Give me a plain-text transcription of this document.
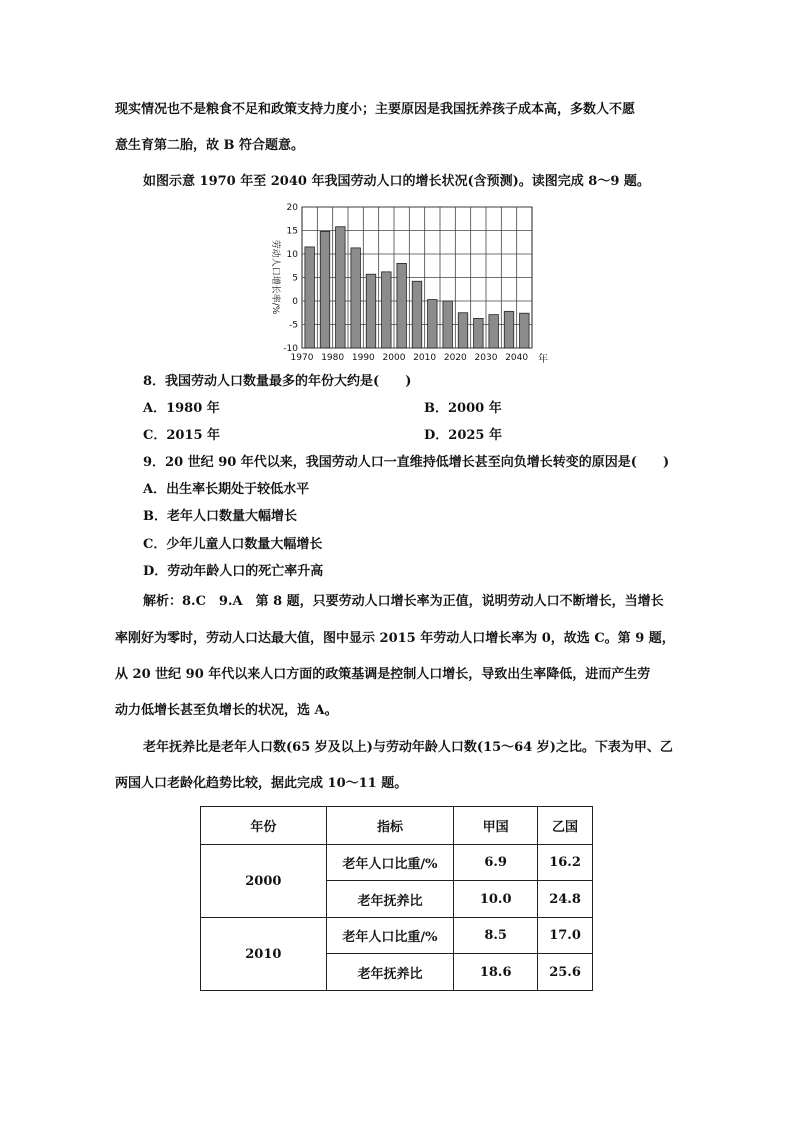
现实情况也不是粮食不足和政策支持力度小；主要原因是我国抚养孩子成本高，多数人不愿
意生育第二胎，故 B 符合题意。
如图示意 1970 年至 2040 年我国劳动人口的增长状况(含预测)。读图完成 8～9 题。
20
15
10
5
0
-5
-10
1970 1980 1990 2000 2010 2020 2030 2040
劳动人口增长率/%
年
8．我国劳动人口数量最多的年份大约是(　　)
A．1980 年	B．2000 年
C．2015 年	D．2025 年
9．20 世纪 90 年代以来，我国劳动人口一直维持低增长甚至向负增长转变的原因是(　　)
A．出生率长期处于较低水平
B．老年人口数量大幅增长
C．少年儿童人口数量大幅增长
D．劳动年龄人口的死亡率升高
解析：8.C　9.A　第 8 题，只要劳动人口增长率为正值，说明劳动人口不断增长，当增长
率刚好为零时，劳动人口达最大值，图中显示 2015 年劳动人口增长率为 0，故选 C。第 9 题，
从 20 世纪 90 年代以来人口方面的政策基调是控制人口增长，导致出生率降低，进而产生劳
动力低增长甚至负增长的状况，选 A。
老年抚养比是老年人口数(65 岁及以上)与劳动年龄人口数(15～64 岁)之比。下表为甲、乙
两国人口老龄化趋势比较，据此完成 10～11 题。
年份	指标	甲国	乙国
2000	老年人口比重/%	6.9	16.2
	老年抚养比	10.0	24.8
2010	老年人口比重/%	8.5	17.0
	老年抚养比	18.6	25.6
